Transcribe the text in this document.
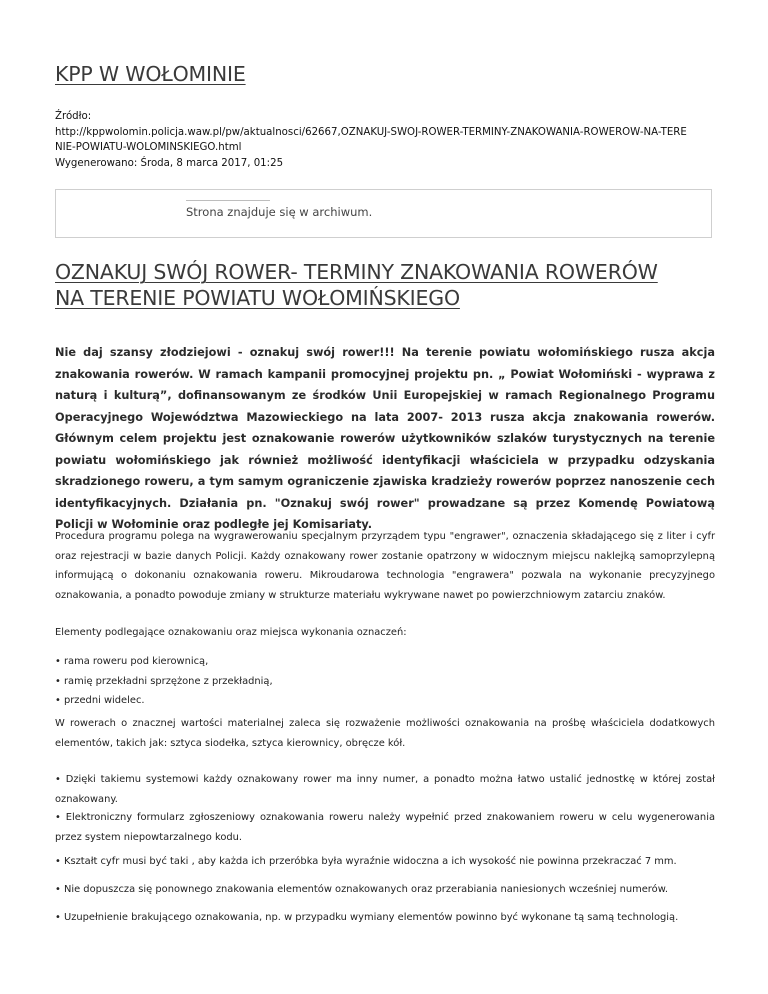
KPP W WOŁOMINIE
Źródło:
http://kppwolomin.policja.waw.pl/pw/aktualnosci/62667,OZNAKUJ-SWOJ-ROWER-TERMINY-ZNAKOWANIA-ROWEROW-NA-TERE
NIE-POWIATU-WOLOMINSKIEGO.html
Wygenerowano: Środa, 8 marca 2017, 01:25
Strona znajduje się w archiwum.
OZNAKUJ SWÓJ ROWER- TERMINY ZNAKOWANIA ROWERÓW
NA TERENIE POWIATU WOŁOMIŃSKIEGO

Nie daj szansy złodziejowi - oznakuj swój rower!!! Na terenie powiatu wołomińskiego rusza akcja znakowania rowerów. W ramach kampanii promocyjnej projektu pn. „ Powiat Wołomiński - wyprawa z naturą i kulturą”, dofinansowanym ze środków Unii Europejskiej w ramach Regionalnego Programu Operacyjnego Województwa Mazowieckiego na lata 2007- 2013 rusza akcja znakowania rowerów. Głównym celem projektu jest oznakowanie rowerów użytkowników szlaków turystycznych na terenie powiatu wołomińskiego jak również możliwość identyfikacji właściciela w przypadku odzyskania skradzionego roweru, a tym samym ograniczenie zjawiska kradzieży rowerów poprzez nanoszenie cech identyfikacyjnych. Działania pn. "Oznakuj swój rower" prowadzane są przez Komendę Powiatową Policji w Wołominie oraz podległe jej Komisariaty.

Procedura programu polega na wygrawerowaniu specjalnym przyrządem typu "engrawer", oznaczenia składającego się z liter i cyfr oraz rejestracji w bazie danych Policji. Każdy oznakowany rower zostanie opatrzony w widocznym miejscu naklejką samoprzylepną informującą o dokonaniu oznakowania roweru. Mikroudarowa technologia "engrawera" pozwala na wykonanie precyzyjnego oznakowania, a ponadto powoduje zmiany w strukturze materiału wykrywane nawet po powierzchniowym zatarciu znaków.

Elementy podlegające oznakowaniu oraz miejsca wykonania oznaczeń:

• rama roweru pod kierownicą,
• ramię przekładni sprzężone z przekładnią,
• przedni widelec.

W rowerach o znacznej wartości materialnej zaleca się rozważenie możliwości oznakowania na prośbę właściciela dodatkowych elementów, takich jak: sztyca siodełka, sztyca kierownicy, obręcze kół.

• Dzięki takiemu systemowi każdy oznakowany rower ma inny numer, a ponadto można łatwo ustalić jednostkę w której został oznakowany.

• Elektroniczny formularz zgłoszeniowy oznakowania roweru należy wypełnić przed znakowaniem roweru w celu wygenerowania przez system niepowtarzalnego kodu.

• Kształt cyfr musi być taki , aby każda ich przeróbka była wyraźnie widoczna a ich wysokość nie powinna przekraczać 7 mm.

• Nie dopuszcza się ponownego znakowania elementów oznakowanych oraz przerabiania naniesionych wcześniej numerów.

• Uzupełnienie brakującego oznakowania, np. w przypadku wymiany elementów powinno być wykonane tą samą technologią.
